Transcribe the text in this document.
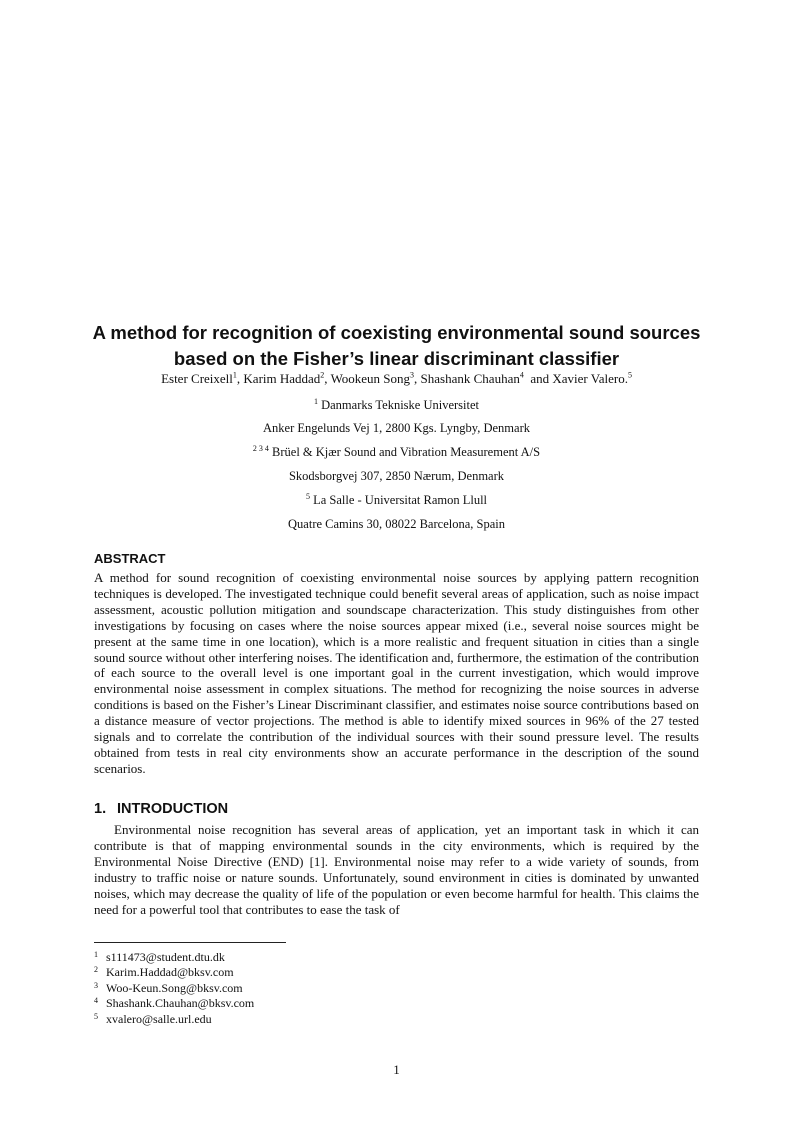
A method for recognition of coexisting environmental sound sources based on the Fisher’s linear discriminant classifier
Ester Creixell$^1$, Karim Haddad$^2$, Wookeun Song$^3$, Shashank Chauhan$^4$  and Xavier Valero.$^5$
$^1$ Danmarks Tekniske Universitet
Anker Engelunds Vej 1, 2800 Kgs. Lyngby, Denmark
$^{2 3 4}$ Brüel & Kjær Sound and Vibration Measurement A/S
Skodsborgvej 307, 2850 Nærum, Denmark
$^5$ La Salle - Universitat Ramon Llull
Quatre Camins 30, 08022 Barcelona, Spain
ABSTRACT

A method for sound recognition of coexisting environmental noise sources by applying pattern recognition techniques is developed. The investigated technique could benefit several areas of application, such as noise impact assessment, acoustic pollution mitigation and soundscape characterization. This study distinguishes from other investigations by focusing on cases where the noise sources appear mixed (i.e., several noise sources might be present at the same time in one location), which is a more realistic and frequent situation in cities than a single sound source without other interfering noises. The identification and, furthermore, the estimation of the contribution of each source to the overall level is one important goal in the current investigation, which would improve environmental noise assessment in complex situations. The method for recognizing the noise sources in adverse conditions is based on the Fisher’s Linear Discriminant classifier, and estimates noise source contributions based on a distance measure of vector projections. The method is able to identify mixed sources in 96% of the 27 tested signals and to correlate the contribution of the individual sources with their sound pressure level. The results obtained from tests in real city environments show an accurate performance in the description of the sound scenarios.

1. INTRODUCTION

Environmental noise recognition has several areas of application, yet an important task in which it can contribute is that of mapping environmental sounds in the city environments, which is required by the Environmental Noise Directive (END) [1]. Environmental noise may refer to a wide variety of sounds, from industry to traffic noise or nature sounds. Unfortunately, sound environment in cities is dominated by unwanted noises, which may decrease the quality of life of the population or even become harmful for health. This claims the need for a powerful tool that contributes to ease the task of

1 s111473@student.dtu.dk
2 Karim.Haddad@bksv.com
3 Woo-Keun.Song@bksv.com
4 Shashank.Chauhan@bksv.com
5 xvalero@salle.url.edu
1
